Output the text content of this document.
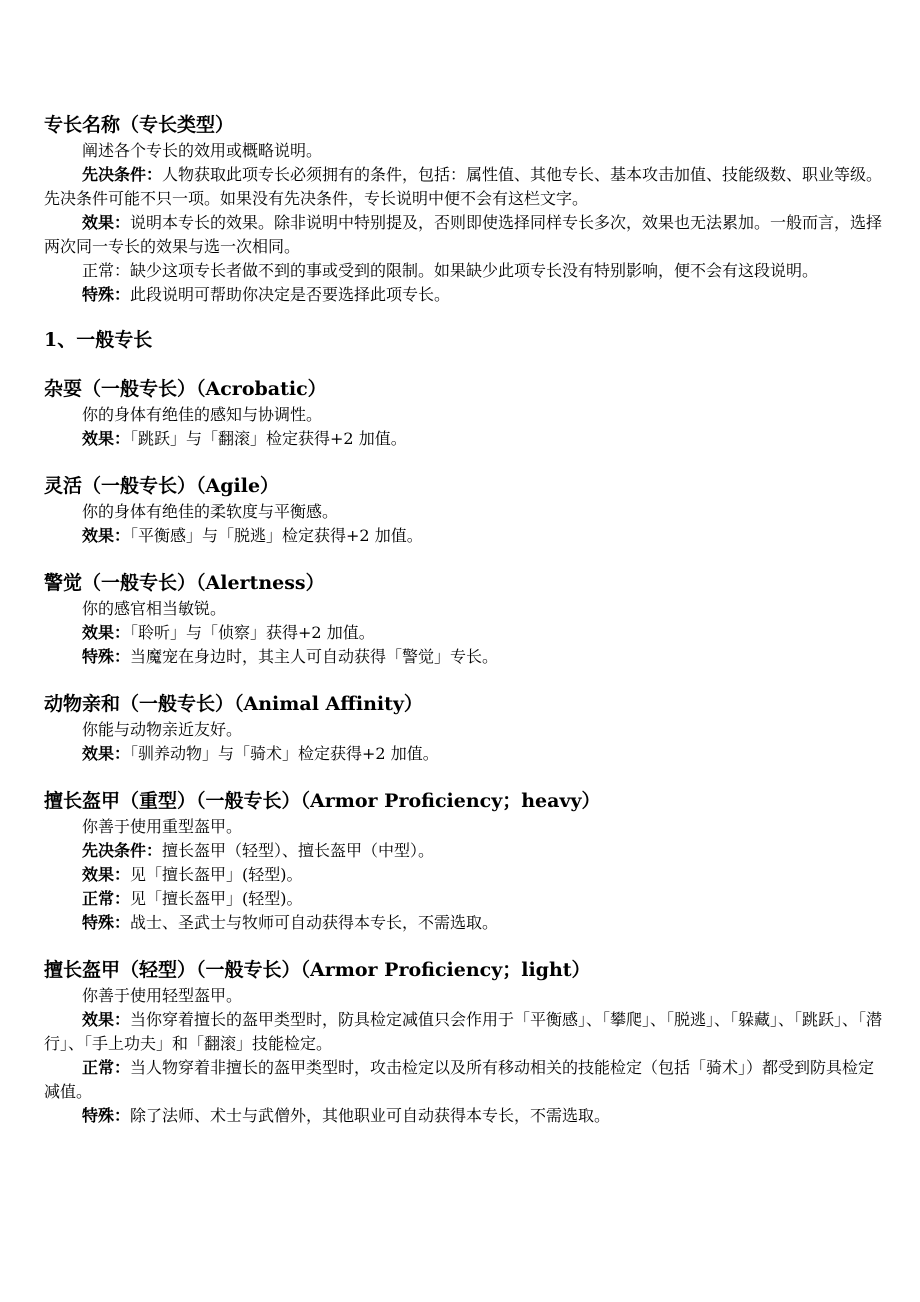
专长名称（专长类型）

阐述各个专长的效用或概略说明。

先决条件：人物获取此项专长必须拥有的条件，包括：属性值、其他专长、基本攻击加值、技能级数、职业等级。先决条件可能不只一项。如果没有先决条件，专长说明中便不会有这栏文字。

效果：说明本专长的效果。除非说明中特别提及，否则即使选择同样专长多次，效果也无法累加。一般而言，选择两次同一专长的效果与选一次相同。

正常：缺少这项专长者做不到的事或受到的限制。如果缺少此项专长没有特别影响，便不会有这段说明。

特殊：此段说明可帮助你决定是否要选择此项专长。

1、一般专长

杂耍（一般专长）（Acrobatic）

你的身体有绝佳的感知与协调性。

效果：「跳跃」与「翻滚」检定获得+2 加值。

灵活（一般专长）（Agile）

你的身体有绝佳的柔软度与平衡感。

效果：「平衡感」与「脱逃」检定获得+2 加值。

警觉（一般专长）（Alertness）

你的感官相当敏锐。

效果：「聆听」与「侦察」获得+2 加值。

特殊：当魔宠在身边时，其主人可自动获得「警觉」专长。

动物亲和（一般专长）（Animal Affinity）

你能与动物亲近友好。

效果：「驯养动物」与「骑术」检定获得+2 加值。

擅长盔甲（重型）（一般专长）（Armor Proficiency；heavy）

你善于使用重型盔甲。

先决条件：擅长盔甲（轻型）、擅长盔甲（中型）。

效果：见「擅长盔甲」(轻型)。

正常：见「擅长盔甲」(轻型)。

特殊：战士、圣武士与牧师可自动获得本专长，不需选取。

擅长盔甲（轻型）（一般专长）（Armor Proficiency；light）

你善于使用轻型盔甲。

效果：当你穿着擅长的盔甲类型时，防具检定减值只会作用于「平衡感」、「攀爬」、「脱逃」、「躲藏」、「跳跃」、「潜行」、「手上功夫」和「翻滚」技能检定。

正常：当人物穿着非擅长的盔甲类型时，攻击检定以及所有移动相关的技能检定（包括「骑术」）都受到防具检定减值。

特殊：除了法师、术士与武僧外，其他职业可自动获得本专长，不需选取。
